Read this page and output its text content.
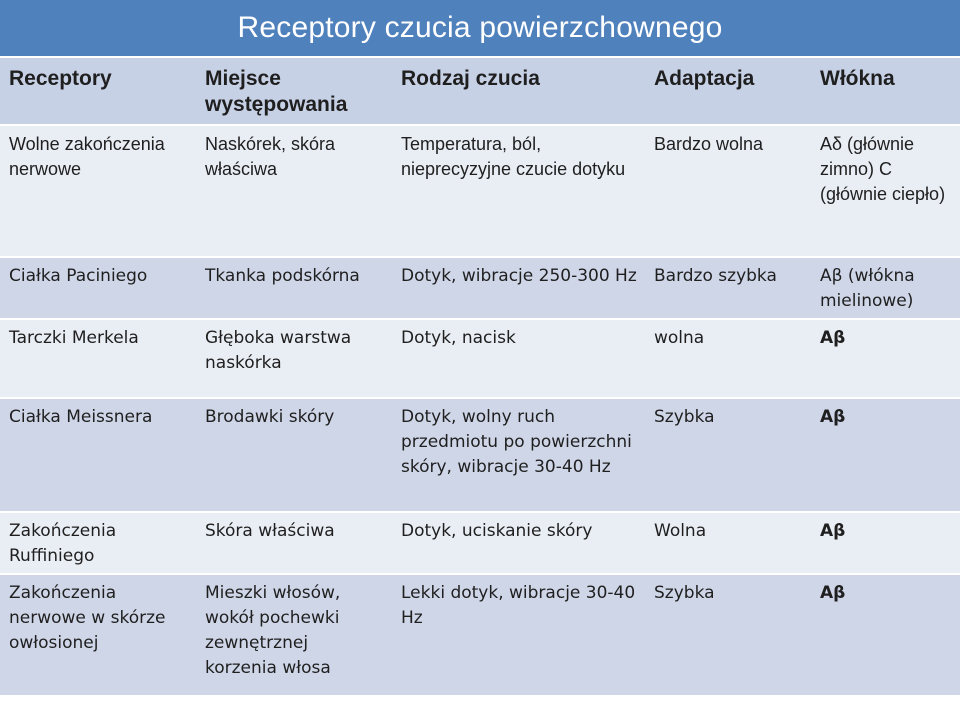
Receptory czucia powierzchownego
Receptory	Miejsce występowania	Rodzaj czucia	Adaptacja	Włókna
Wolne zakończenia nerwowe	Naskórek, skóra właściwa	Temperatura, ból, nieprecyzyjne czucie dotyku	Bardzo wolna	Aδ (głównie zimno) C (głównie ciepło)
Ciałka Paciniego	Tkanka podskórna	Dotyk, wibracje 250-300 Hz	Bardzo szybka	Aβ (włókna mielinowe)
Tarczki Merkela	Głęboka warstwa naskórka	Dotyk, nacisk	wolna	Aβ
Ciałka Meissnera	Brodawki skóry	Dotyk, wolny ruch przedmiotu po powierzchni skóry, wibracje 30-40 Hz	Szybka	Aβ
Zakończenia Ruffiniego	Skóra właściwa	Dotyk, uciskanie skóry	Wolna	Aβ
Zakończenia nerwowe w skórze owłosionej	Mieszki włosów, wokół pochewki zewnętrznej korzenia włosa	Lekki dotyk, wibracje 30-40 Hz	Szybka	Aβ
